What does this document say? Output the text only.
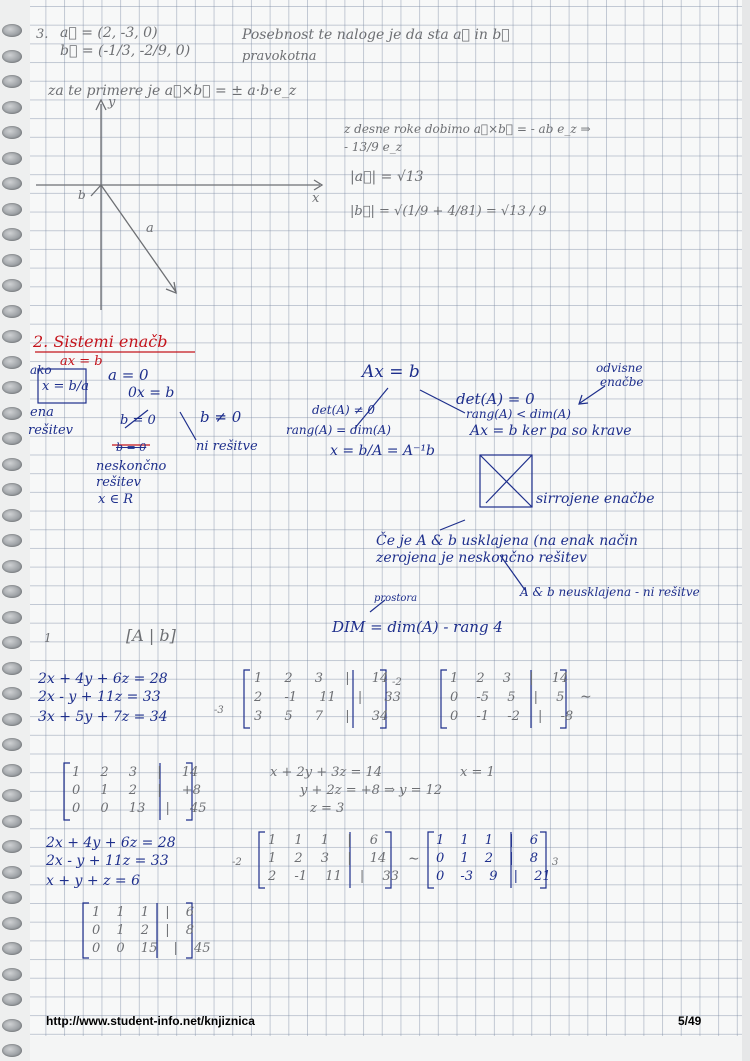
3. a⃗ = (2, -3, 0)
b⃗ = (-1/3, -2/9, 0)
Posebnost te naloge je da sta a⃗ in b⃗
pravokotna
za te primere je a⃗×b⃗ = ± a·b·e_z
y
x
b
a
z desne roke dobimo a⃗×b⃗ = - ab e_z ⇒ - 13/9 e_z
|a⃗| = √13
|b⃗| = √(1/9 + 4/81) = √13 / 9
2. Sistemi enačb
ax = b
ako
x = b/a
ena
rešitev
a = 0
0x = b
b = 0	b ≠ 0
ni rešitve
b = 0
neskončno
rešitev
x ∈ R
Ax = b	odvisne
enačbe
det(A) ≠ 0
rang(A) = dim(A)
x = b/A = A⁻¹b
det(A) = 0
rang(A) < dim(A)
Ax = b ker pa so krave
sirrojene enačbe
Če je A & b usklajena (na enak način
zerojena je neskončno rešitev
A & b neusklajena - ni rešitve
prostora
DIM = dim(A) - rang 4
[A | b]
1
2x + 4y + 6z = 28
2x - y + 11z = 33
3x + 5y + 7z = 34	-3
-2
1 2 3 | 14
2 -1 11 | 33
3 5 7 | 34
1 2 3 | 14
0 -5 5 | 5
0 -1 -2 | -8
∼
1 2 3 | 14
0 1 2 | +8
0 0 13 | 45
x + 2y + 3z = 14
y + 2z = +8 ⇒ y = 12
z = 3
x = 1
2x + 4y + 6z = 28
2x - y + 11z = 33
x + y + z = 6
-2
1 1 1 | 6
1 2 3 | 14
2 -1 11 | 33
∼
1 1 1 | 6
0 1 2 | 8
0 -3 9 | 21
3
1 1 1 | 6
0 1 2 | 8
0 0 15 | 45
http://www.student-info.net/knjiznica	5/49
